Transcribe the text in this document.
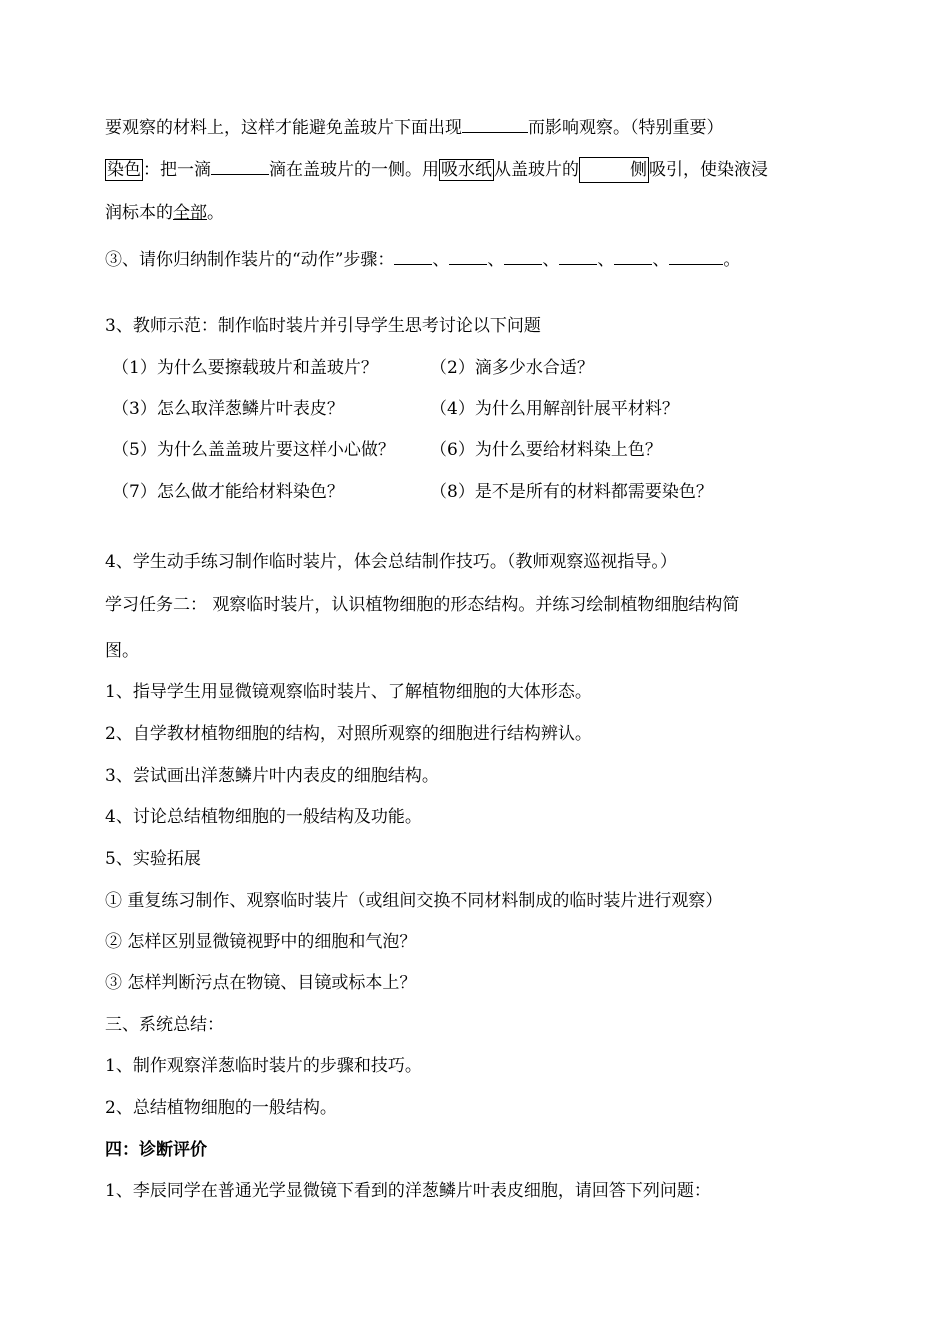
要观察的材料上，这样才能避免盖玻片下面出现	而影响观察。（特别重要）
染色 ：把一滴	滴在盖玻片的一侧。用 吸水纸 从盖玻片的	侧 吸引，使染液浸
润标本的全部。
③、请你归纳制作装片的“动作”步骤： 、 、 、 、 、	。
3、教师示范：制作临时装片并引导学生思考讨论以下问题
（1）为什么要擦载玻片和盖玻片？	（2）滴多少水合适？
（3）怎么取洋葱鳞片叶表皮？	（4）为什么用解剖针展平材料？
（5）为什么盖盖玻片要这样小心做？ （6）为什么要给材料染上色？
（7）怎么做才能给材料染色？	（8）是不是所有的材料都需要染色？
4、学生动手练习制作临时装片，体会总结制作技巧。（教师观察巡视指导。）
学习任务二： 观察临时装片，认识植物细胞的形态结构。并练习绘制植物细胞结构简
图。
1、指导学生用显微镜观察临时装片、了解植物细胞的大体形态。
2、自学教材植物细胞的结构，对照所观察的细胞进行结构辨认。
3、尝试画出洋葱鳞片叶内表皮的细胞结构。
4、讨论总结植物细胞的一般结构及功能。
5、实验拓展
① 重复练习制作、观察临时装片（或组间交换不同材料制成的临时装片进行观察）
② 怎样区别显微镜视野中的细胞和气泡？
③ 怎样判断污点在物镜、目镜或标本上？
三、系统总结：
1、制作观察洋葱临时装片的步骤和技巧。
2、总结植物细胞的一般结构。
四：诊断评价
1、李辰同学在普通光学显微镜下看到的洋葱鳞片叶表皮细胞，请回答下列问题：
